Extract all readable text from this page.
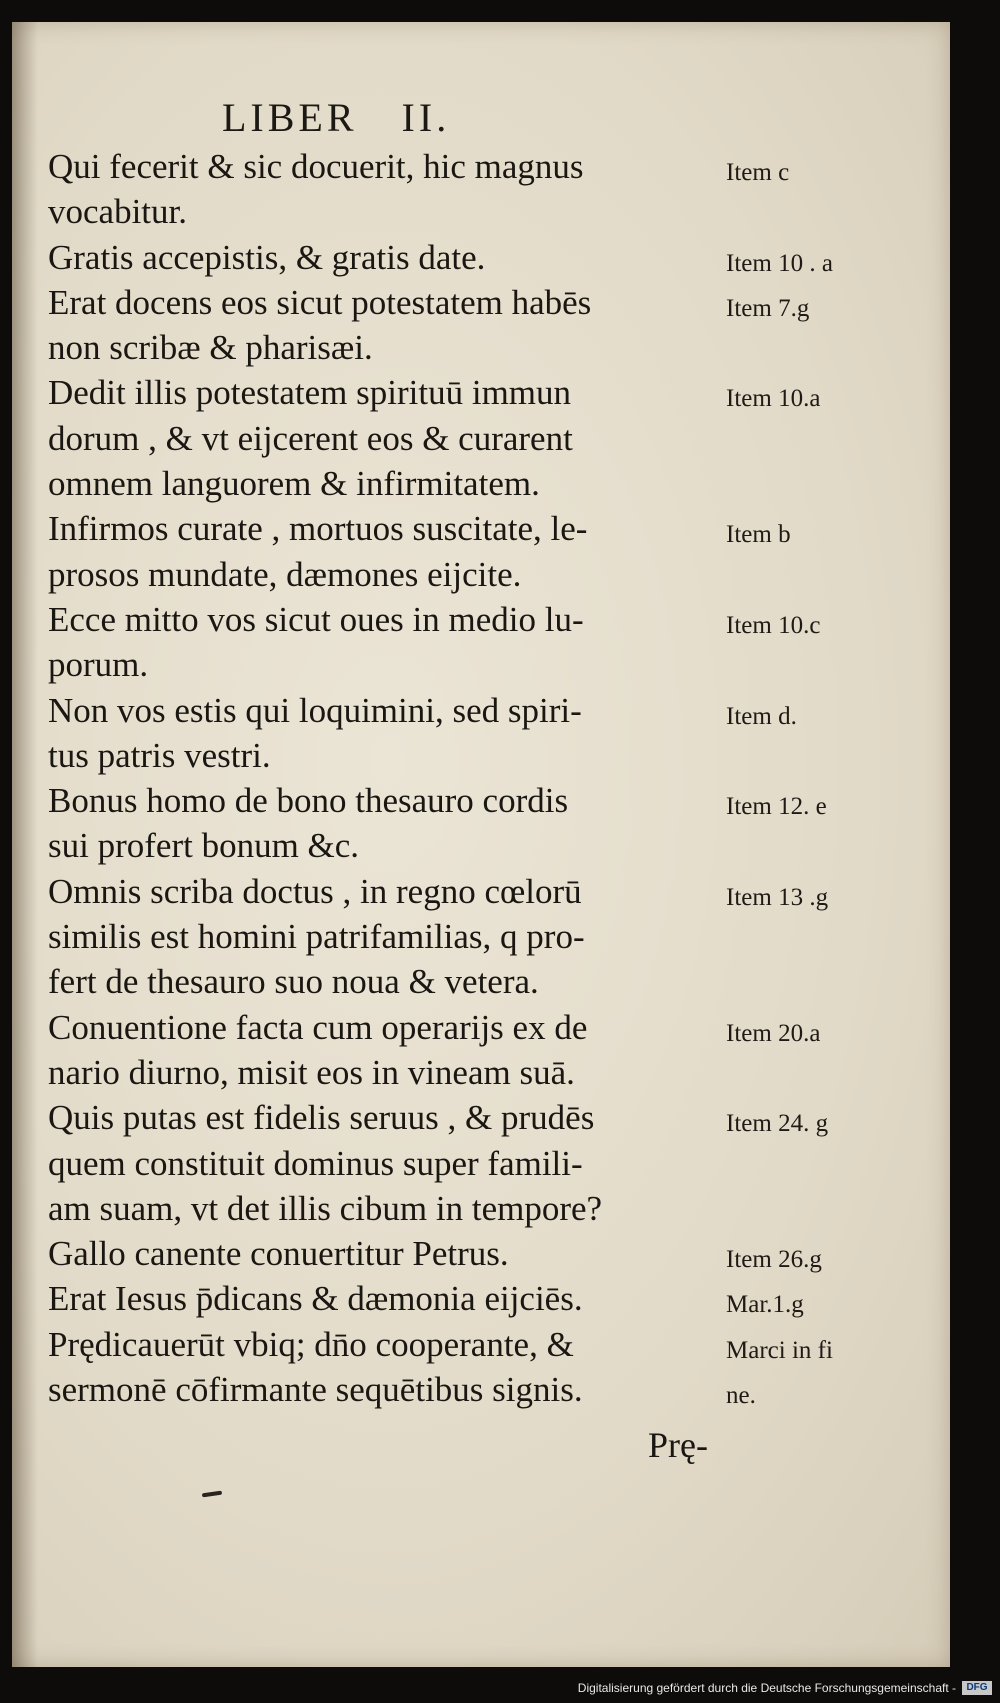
LIBER II.
Qui fecerit & sic docuerit, hic magnus	Item c
vocabitur.
Gratis accepistis, & gratis date.	Item 10 . a
Erat docens eos sicut potestatem habēs	Item 7.g
non scribæ & pharisæi.
Dedit illis potestatem spirituū immun	Item 10.a
dorum , & vt eijcerent eos & curarent
omnem languorem & infirmitatem.
Infirmos curate , mortuos suscitate, le-	Item b
prosos mundate, dæmones eijcite.
Ecce mitto vos sicut oues in medio lu-	Item 10.c
porum.
Non vos estis qui loquimini, sed spiri-	Item d.
tus patris vestri.
Bonus homo de bono thesauro cordis	Item 12. e
sui profert bonum &c.
Omnis scriba doctus , in regno cœlorū	Item 13 .g
similis est homini patrifamilias, q pro-
fert de thesauro suo noua & vetera.
Conuentione facta cum operarijs ex de	Item 20.a
nario diurno, misit eos in vineam suā.
Quis putas est fidelis seruus , & prudēs	Item 24. g
quem constituit dominus super famili-
am suam, vt det illis cibum in tempore?
Gallo canente conuertitur Petrus.	Item 26.g
Erat Iesus p̄dicans & dæmonia eijciēs.	Mar.1.g
Prędicauerūt vbiq; dn̄o cooperante, &	Marci in fi
sermonē cōfirmante sequētibus signis.	ne.
Prę-
Digitalisierung gefördert durch die Deutsche Forschungsgemeinschaft -	DFG
